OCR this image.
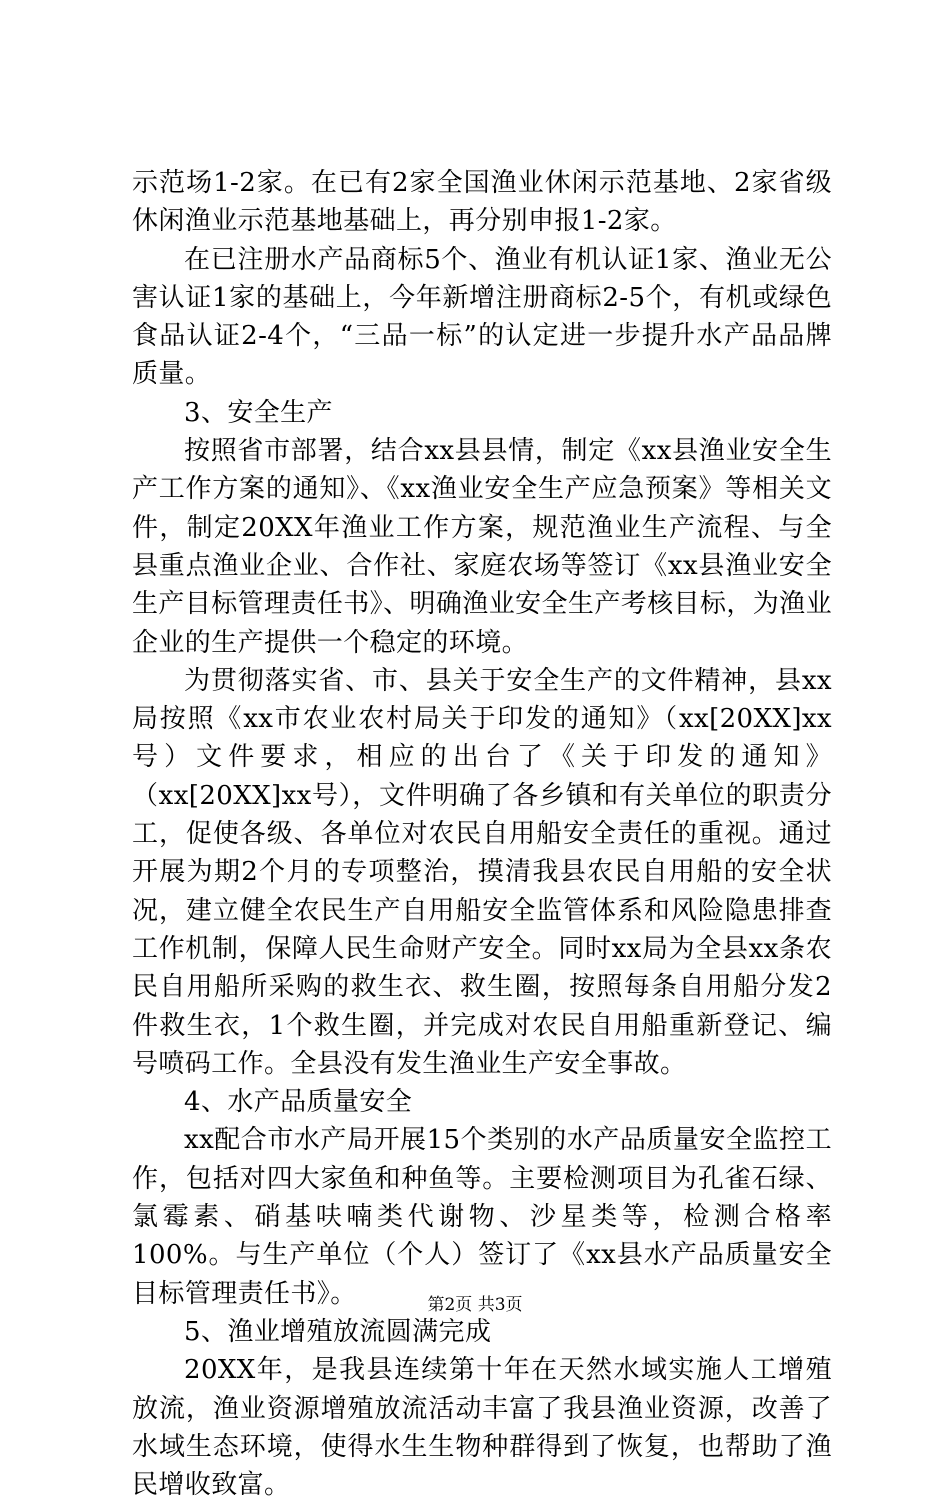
示范场1-2家。在已有2家全国渔业休闲示范基地、2家省级休闲渔业示范基地基础上，再分别申报1-2家。

在已注册水产品商标5个、渔业有机认证1家、渔业无公害认证1家的基础上，今年新增注册商标2-5个，有机或绿色食品认证2-4个，“三品一标”的认定进一步提升水产品品牌质量。

3、安全生产

按照省市部署，结合xx县县情，制定《xx县渔业安全生产工作方案的通知》、《xx渔业安全生产应急预案》等相关文件，制定20XX年渔业工作方案，规范渔业生产流程、与全县重点渔业企业、合作社、家庭农场等签订《xx县渔业安全生产目标管理责任书》、明确渔业安全生产考核目标，为渔业企业的生产提供一个稳定的环境。

为贯彻落实省、市、县关于安全生产的文件精神，县xx局按照《xx市农业农村局关于印发的通知》（xx[20XX]xx号）文件要求，相应的出台了《关于印发的通知》（xx[20XX]xx号），文件明确了各乡镇和有关单位的职责分工，促使各级、各单位对农民自用船安全责任的重视。通过开展为期2个月的专项整治，摸清我县农民自用船的安全状况，建立健全农民生产自用船安全监管体系和风险隐患排查工作机制，保障人民生命财产安全。同时xx局为全县xx条农民自用船所采购的救生衣、救生圈，按照每条自用船分发2件救生衣，1个救生圈，并完成对农民自用船重新登记、编号喷码工作。全县没有发生渔业生产安全事故。

4、水产品质量安全

xx配合市水产局开展15个类别的水产品质量安全监控工作，包括对四大家鱼和种鱼等。主要检测项目为孔雀石绿、氯霉素、硝基呋喃类代谢物、沙星类等，检测合格率100%。与生产单位（个人）签订了《xx县水产品质量安全目标管理责任书》。

5、渔业增殖放流圆满完成

20XX年，是我县连续第十年在天然水域实施人工增殖放流，渔业资源增殖放流活动丰富了我县渔业资源，改善了水域生态环境，使得水生生物种群得到了恢复，也帮助了渔民增收致富。

第2页 共3页
